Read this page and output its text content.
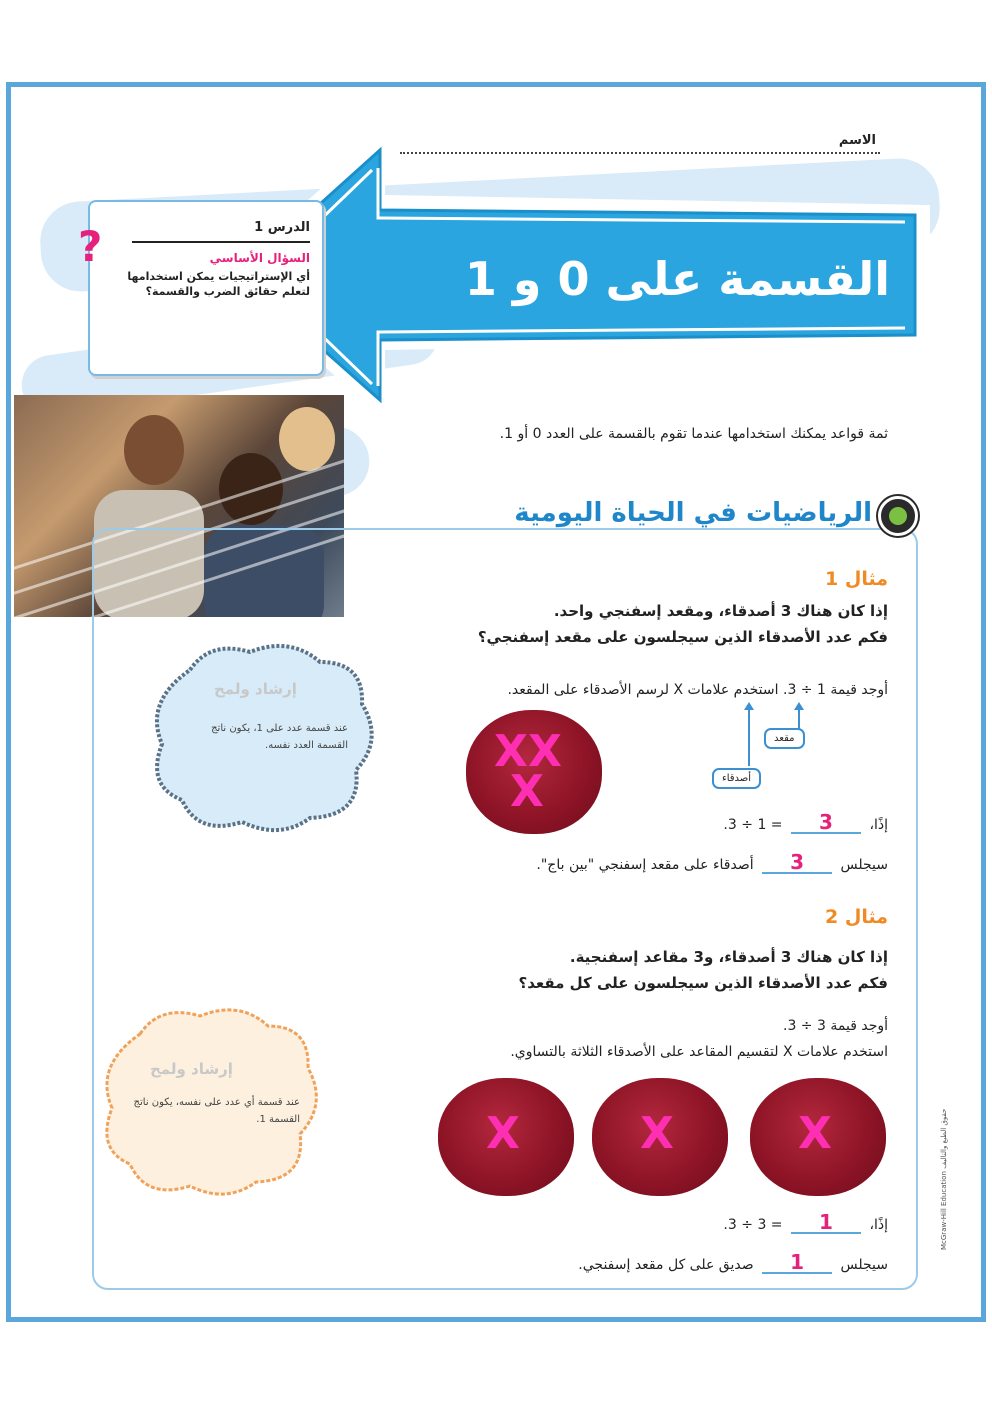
الاسم
القسمة على 0 و 1
الدرس 1
السؤال الأساسي
أي الإستراتيجيات يمكن استخدامها لتعلم حقائق الضرب والقسمة؟
?
ثمة قواعد يمكنك استخدامها عندما تقوم بالقسمة على العدد 0 أو 1.
الرياضيات في الحياة اليومية
مثال 1
إذا كان هناك 3 أصدقاء، ومقعد إسفنجي واحد.
فكم عدد الأصدقاء الذين سيجلسون على مقعد إسفنجي؟
أوجد قيمة 1 ÷ 3. استخدم علامات X لرسم الأصدقاء على المقعد.
مقعد
أصدقاء
X X
X
إذًا، 3 = 1 ÷ 3.
سيجلس 3 أصدقاء على مقعد إسفنجي "بين باج".
مثال 2
إذا كان هناك 3 أصدقاء، و3 مقاعد إسفنجية.
فكم عدد الأصدقاء الذين سيجلسون على كل مقعد؟
أوجد قيمة 3 ÷ 3.
استخدم علامات X لتقسيم المقاعد على الأصدقاء الثلاثة بالتساوي.
X	X	X
إذًا، 1 = 3 ÷ 3.
سيجلس 1 صديق على كل مقعد إسفنجي.
إرشاد ولمح
عند قسمة عدد على 1، يكون ناتج القسمة العدد نفسه.
إرشاد ولمح
عند قسمة أي عدد على نفسه، يكون ناتج القسمة 1.
McGraw-Hill Education حقوق الطبع والتأليف
